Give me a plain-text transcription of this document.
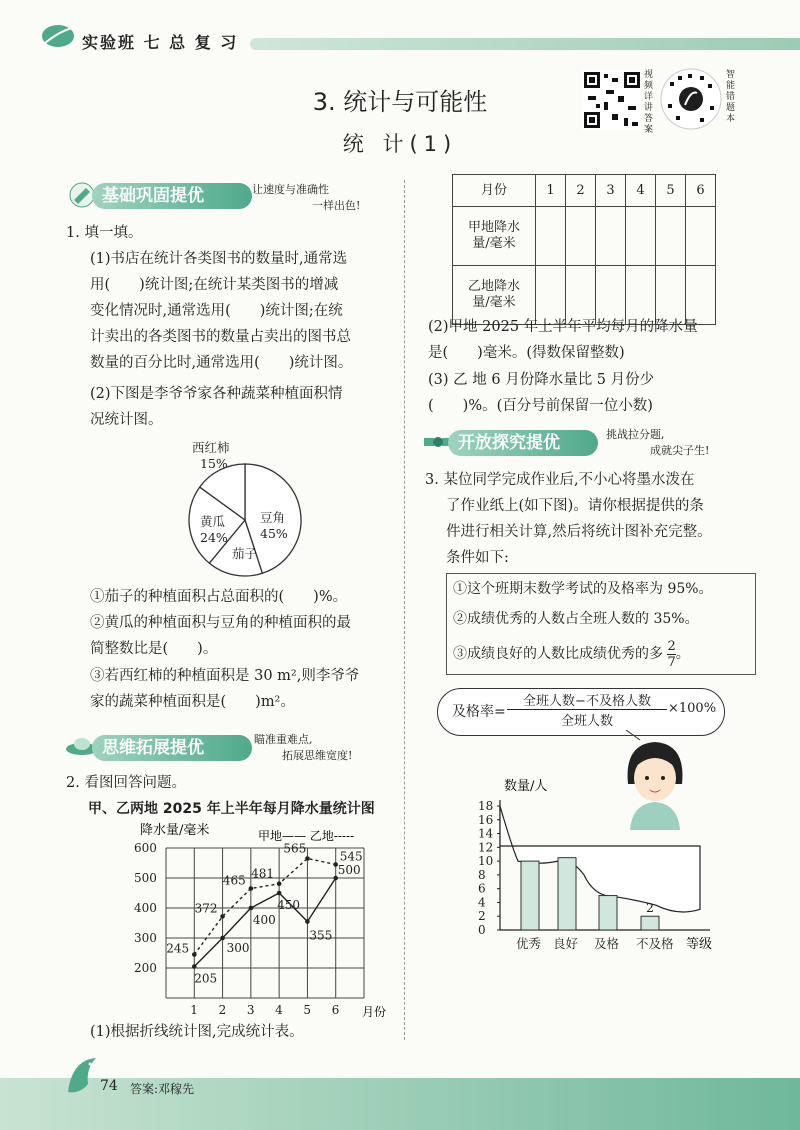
实验班 七 总 复 习
3. 统计与可能性
统 计(1)
视频详讲答案
智能错题本
基础巩固提优	让速度与准确性
一样出色!
1. 填一填。
(1)书店在统计各类图书的数量时,通常选
用(　　)统计图;在统计某类图书的增减
变化情况时,通常选用(　　)统计图;在统
计卖出的各类图书的数量占卖出的图书总
数量的百分比时,通常选用(　　)统计图。
(2)下图是李爷爷家各种蔬菜种植面积情
况统计图。
豆角
45%
茄子
黄瓜
24%
西红柿
15%
①茄子的种植面积占总面积的(　　)%。
②黄瓜的种植面积与豆角的种植面积的最
简整数比是(　　)。
③若西红柿的种植面积是 30 m²,则李爷爷
家的蔬菜种植面积是(　　)m²。
思维拓展提优	瞄准重难点,
拓展思维宽度!
2. 看图回答问题。
甲、乙两地 2025 年上半年每月降水量统计图
降水量/毫米	甲地—— 乙地-----
月份
200
300
400
500
600
1 2 3 4 5 6
205
300
400
450
355
500
245
372
465 481
565
545
(1)根据折线统计图,完成统计表。
月份	1	2	3	4	5	6
甲地降水
量/毫米						
乙地降水
量/毫米						
(2)甲地 2025 年上半年平均每月的降水量
是(　　)毫米。(得数保留整数)
(3) 乙 地 6 月份降水量比 5 月份少
(　　)%。(百分号前保留一位小数)
开放探究提优	挑战拉分题,
成就尖子生!
3. 某位同学完成作业后,不小心将墨水泼在
了作业纸上(如下图)。请你根据提供的条
件进行相关计算,然后将统计图补充完整。
条件如下:
①这个班期末数学考试的及格率为 95%。
②成绩优秀的人数占全班人数的 35%。
③成绩良好的人数比成绩优秀的多 $\frac{2}{7}$ 。
及格率=
全班人数−不及格人数
全班人数
×100%
数量/人
等级
0
2
4
6
8
10
12
14
16
18
优秀 良好 及格 不及格
2
74 答案:邓稼先
